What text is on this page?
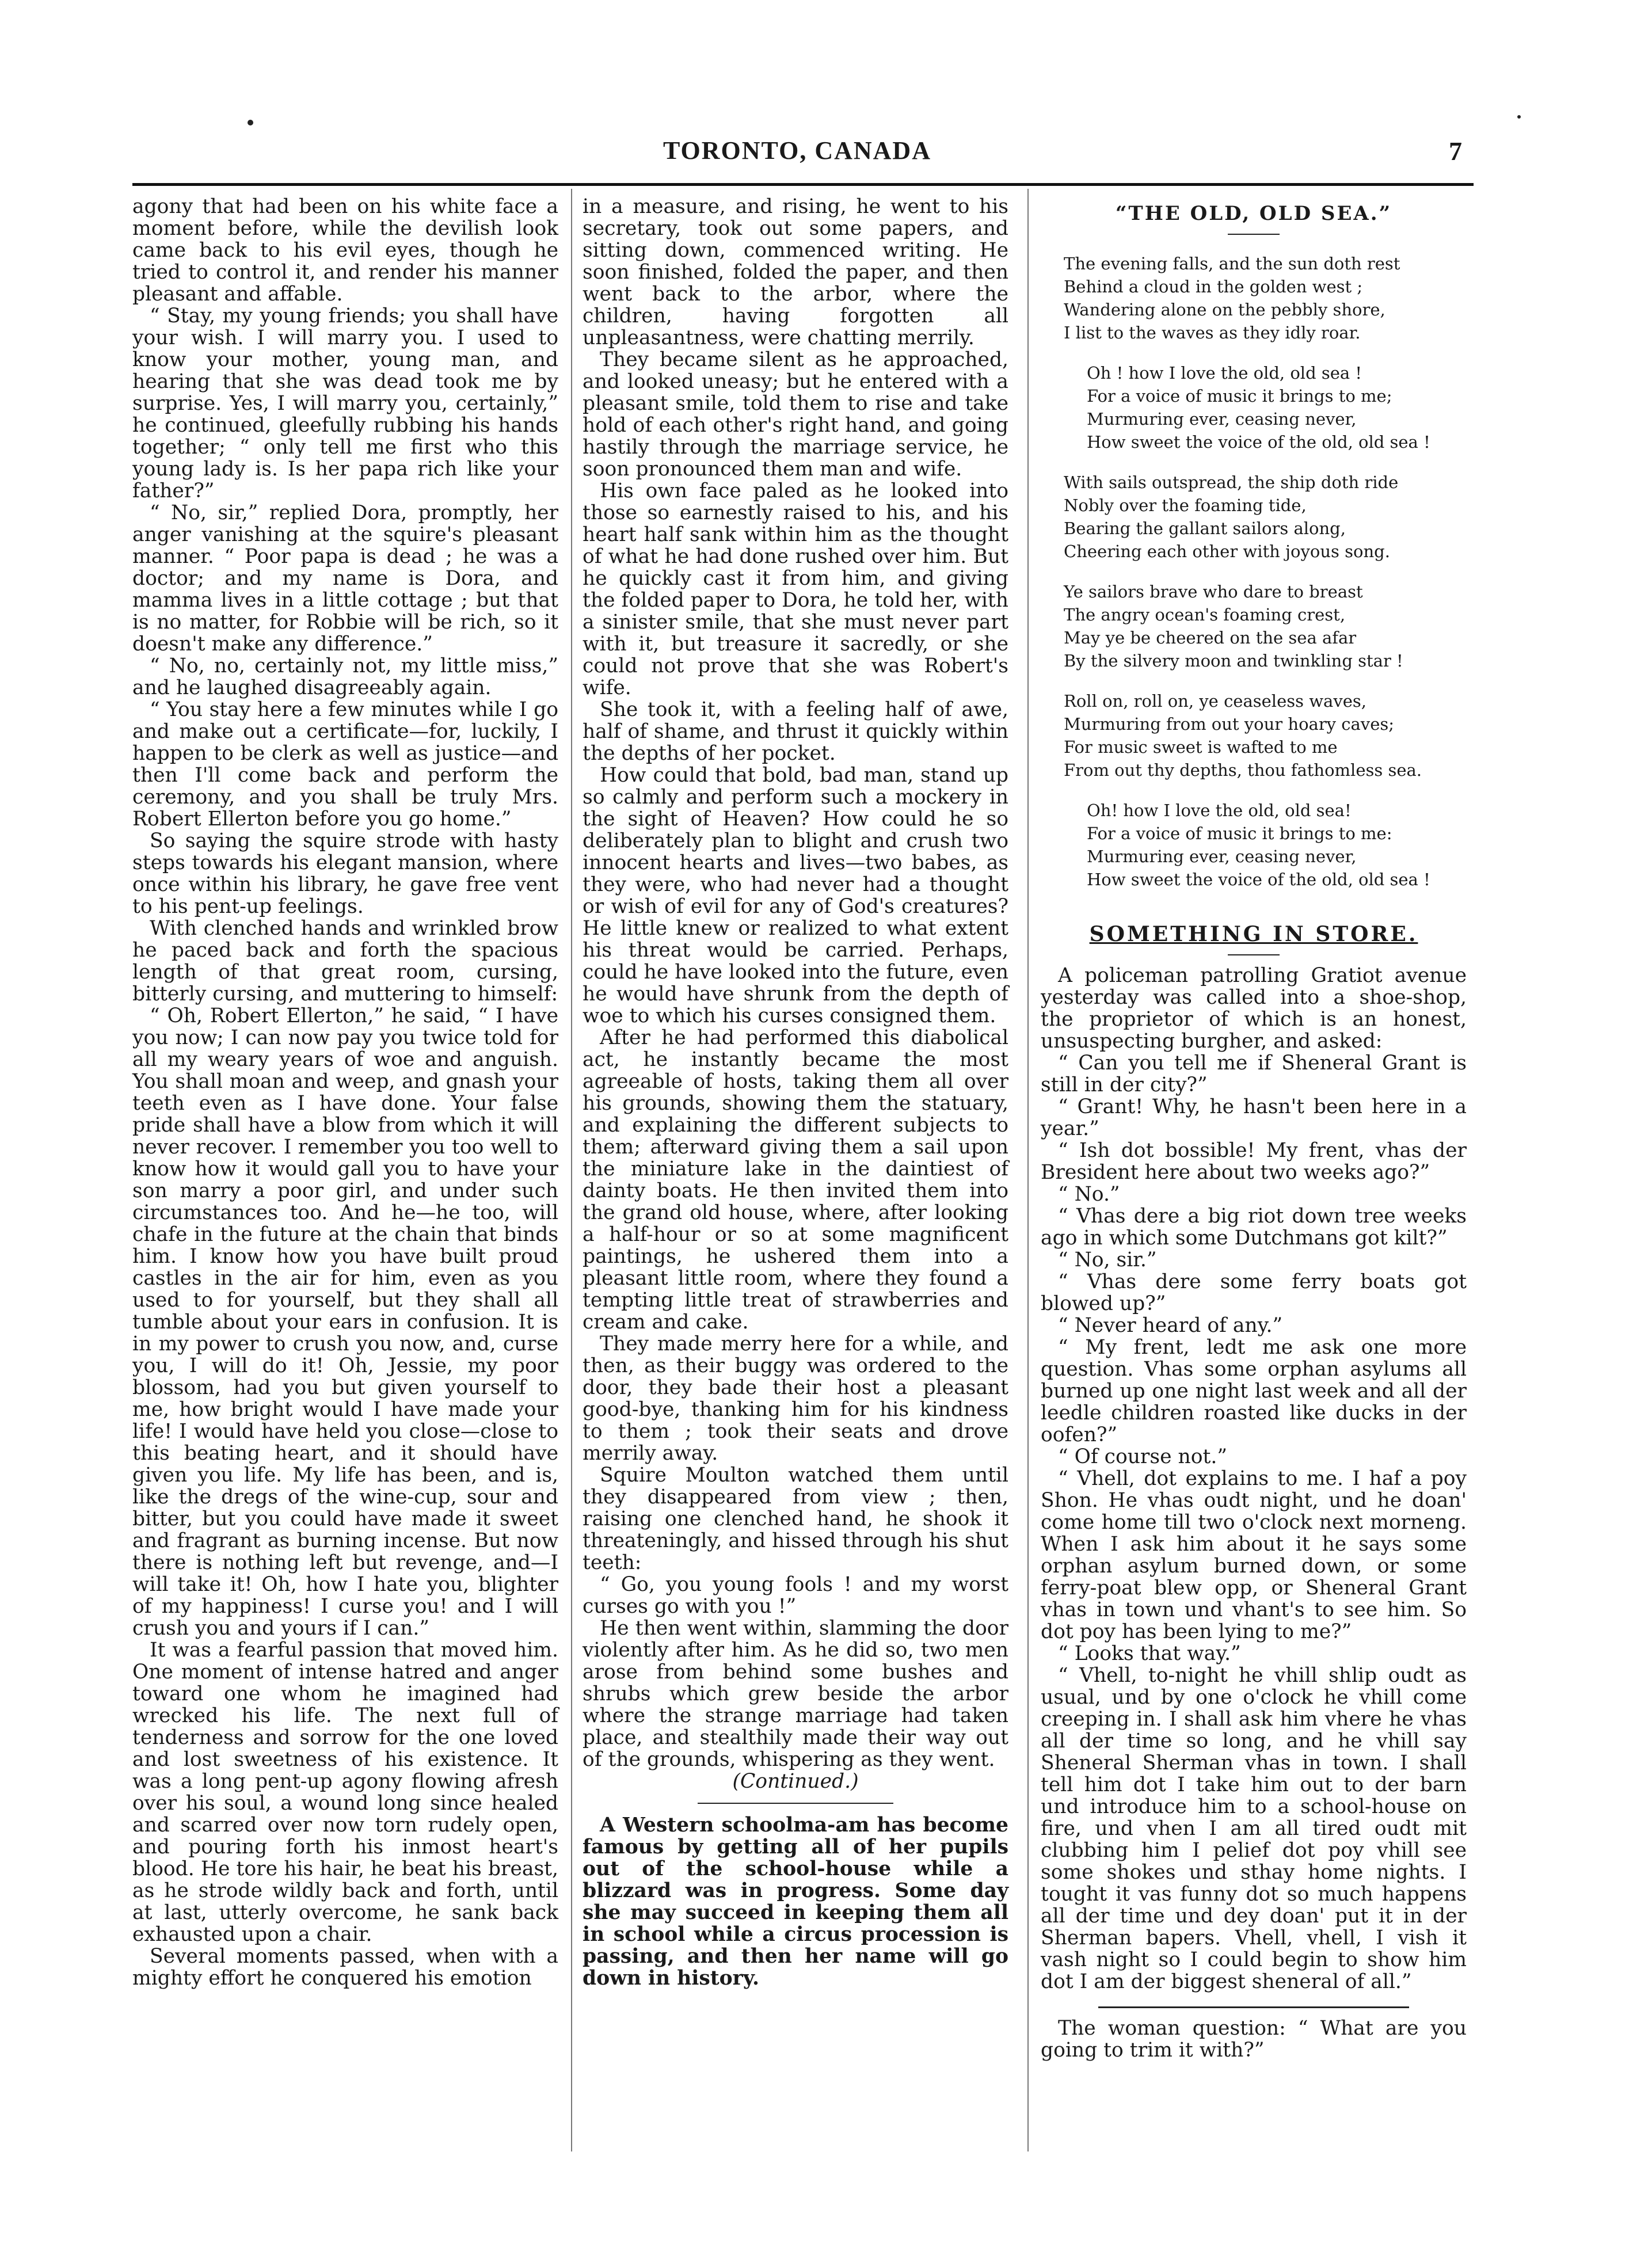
TORONTO, CANADA	7

agony that had been on his white face a moment before, while the devilish look came back to his evil eyes, though he tried to control it, and render his manner pleasant and affable.

“ Stay, my young friends; you shall have your wish. I will marry you. I used to know your mother, young man, and hearing that she was dead took me by surprise. Yes, I will marry you, certainly,” he continued, gleefully rubbing his hands together; “ only tell me first who this young lady is. Is her papa rich like your father?”

“ No, sir,” replied Dora, promptly, her anger vanishing at the squire's pleasant manner. “ Poor papa is dead ; he was a doctor; and my name is Dora, and mamma lives in a little cottage ; but that is no matter, for Robbie will be rich, so it doesn't make any difference.”

“ No, no, certainly not, my little miss,” and he laughed disagreeably again.

“ You stay here a few minutes while I go and make out a certificate—for, luckily, I happen to be clerk as well as justice—and then I'll come back and perform the ceremony, and you shall be truly Mrs. Robert Ellerton before you go home.”

So saying the squire strode with hasty steps towards his elegant mansion, where once within his library, he gave free vent to his pent-up feelings.

With clenched hands and wrinkled brow he paced back and forth the spacious length of that great room, cursing, bitterly cursing, and muttering to himself:

“ Oh, Robert Ellerton,” he said, “ I have you now; I can now pay you twice told for all my weary years of woe and anguish. You shall moan and weep, and gnash your teeth even as I have done. Your false pride shall have a blow from which it will never recover. I remember you too well to know how it would gall you to have your son marry a poor girl, and under such circumstances too. And he—he too, will chafe in the future at the chain that binds him. I know how you have built proud castles in the air for him, even as you used to for yourself, but they shall all tumble about your ears in confusion. It is in my power to crush you now, and, curse you, I will do it! Oh, Jessie, my poor blossom, had you but given yourself to me, how bright would I have made your life! I would have held you close—close to this beating heart, and it should have given you life. My life has been, and is, like the dregs of the wine-cup, sour and bitter, but you could have made it sweet and fragrant as burning incense. But now there is nothing left but revenge, and—I will take it! Oh, how I hate you, blighter of my happiness! I curse you! and I will crush you and yours if I can.”

It was a fearful passion that moved him. One moment of intense hatred and anger toward one whom he imagined had wrecked his life. The next full of tenderness and sorrow for the one loved and lost sweetness of his existence. It was a long pent-up agony flowing afresh over his soul, a wound long since healed and scarred over now torn rudely open, and pouring forth his inmost heart's blood. He tore his hair, he beat his breast, as he strode wildly back and forth, until at last, utterly overcome, he sank back exhausted upon a chair.

Several moments passed, when with a mighty effort he conquered his emotion

in a measure, and rising, he went to his secretary, took out some papers, and sitting down, commenced writing. He soon finished, folded the paper, and then went back to the arbor, where the children, having forgotten all unpleasantness, were chatting merrily.

They became silent as he approached, and looked uneasy; but he entered with a pleasant smile, told them to rise and take hold of each other's right hand, and going hastily through the marriage service, he soon pronounced them man and wife.

His own face paled as he looked into those so earnestly raised to his, and his heart half sank within him as the thought of what he had done rushed over him. But he quickly cast it from him, and giving the folded paper to Dora, he told her, with a sinister smile, that she must never part with it, but treasure it sacredly, or she could not prove that she was Robert's wife.

She took it, with a feeling half of awe, half of shame, and thrust it quickly within the depths of her pocket.

How could that bold, bad man, stand up so calmly and perform such a mockery in the sight of Heaven? How could he so deliberately plan to blight and crush two innocent hearts and lives—two babes, as they were, who had never had a thought or wish of evil for any of God's creatures? He little knew or realized to what extent his threat would be carried. Perhaps, could he have looked into the future, even he would have shrunk from the depth of woe to which his curses consigned them.

After he had performed this diabolical act, he instantly became the most agreeable of hosts, taking them all over his grounds, showing them the statuary, and explaining the different subjects to them; afterward giving them a sail upon the miniature lake in the daintiest of dainty boats. He then invited them into the grand old house, where, after looking a half-hour or so at some magnificent paintings, he ushered them into a pleasant little room, where they found a tempting little treat of strawberries and cream and cake.

They made merry here for a while, and then, as their buggy was ordered to the door, they bade their host a pleasant good-bye, thanking him for his kindness to them ; took their seats and drove merrily away.

Squire Moulton watched them until they disappeared from view ; then, raising one clenched hand, he shook it threateningly, and hissed through his shut teeth:

“ Go, you young fools ! and my worst curses go with you !”

He then went within, slamming the door violently after him. As he did so, two men arose from behind some bushes and shrubs which grew beside the arbor where the strange marriage had taken place, and stealthily made their way out of the grounds, whispering as they went.

(Continued.)

A Western schoolma-am has become famous by getting all of her pupils out of the school-house while a blizzard was in progress. Some day she may succeed in keeping them all in school while a circus procession is passing, and then her name will go down in history.

“THE OLD, OLD SEA.”
The evening falls, and the sun doth rest
Behind a cloud in the golden west ;
Wandering alone on the pebbly shore,
I list to the waves as they idly roar.
Oh ! how I love the old, old sea !
For a voice of music it brings to me;
Murmuring ever, ceasing never,
How sweet the voice of the old, old sea !
With sails outspread, the ship doth ride
Nobly over the foaming tide,
Bearing the gallant sailors along,
Cheering each other with joyous song.
Ye sailors brave who dare to breast
The angry ocean's foaming crest,
May ye be cheered on the sea afar
By the silvery moon and twinkling star !
Roll on, roll on, ye ceaseless waves,
Murmuring from out your hoary caves;
For music sweet is wafted to me
From out thy depths, thou fathomless sea.
Oh! how I love the old, old sea!
For a voice of music it brings to me:
Murmuring ever, ceasing never,
How sweet the voice of the old, old sea !
SOMETHING IN STORE.

A policeman patrolling Gratiot avenue yesterday was called into a shoe-shop, the proprietor of which is an honest, unsuspecting burgher, and asked:

“ Can you tell me if Sheneral Grant is still in der city?”

“ Grant! Why, he hasn't been here in a year.”

“ Ish dot bossible! My frent, vhas der Bresident here about two weeks ago?”

“ No.”

“ Vhas dere a big riot down tree weeks ago in which some Dutchmans got kilt?”

“ No, sir.”

“ Vhas dere some ferry boats got blowed up?”

“ Never heard of any.”

“ My frent, ledt me ask one more question. Vhas some orphan asylums all burned up one night last week and all der leedle children roasted like ducks in der oofen?”

“ Of course not.”

“ Vhell, dot explains to me. I haf a poy Shon. He vhas oudt night, und he doan' come home till two o'clock next morneng. When I ask him about it he says some orphan asylum burned down, or some ferry-poat blew opp, or Sheneral Grant vhas in town und vhant's to see him. So dot poy has been lying to me?”

“ Looks that way.”

“ Vhell, to-night he vhill shlip oudt as usual, und by one o'clock he vhill come creeping in. I shall ask him vhere he vhas all der time so long, and he vhill say Sheneral Sherman vhas in town. I shall tell him dot I take him out to der barn und introduce him to a school-house on fire, und vhen I am all tired oudt mit clubbing him I pelief dot poy vhill see some shokes und sthay home nights. I tought it vas funny dot so much happens all der time und dey doan' put it in der Sherman bapers. Vhell, vhell, I vish it vash night so I could begin to show him dot I am der biggest sheneral of all.”

The woman question: “ What are you going to trim it with?”
